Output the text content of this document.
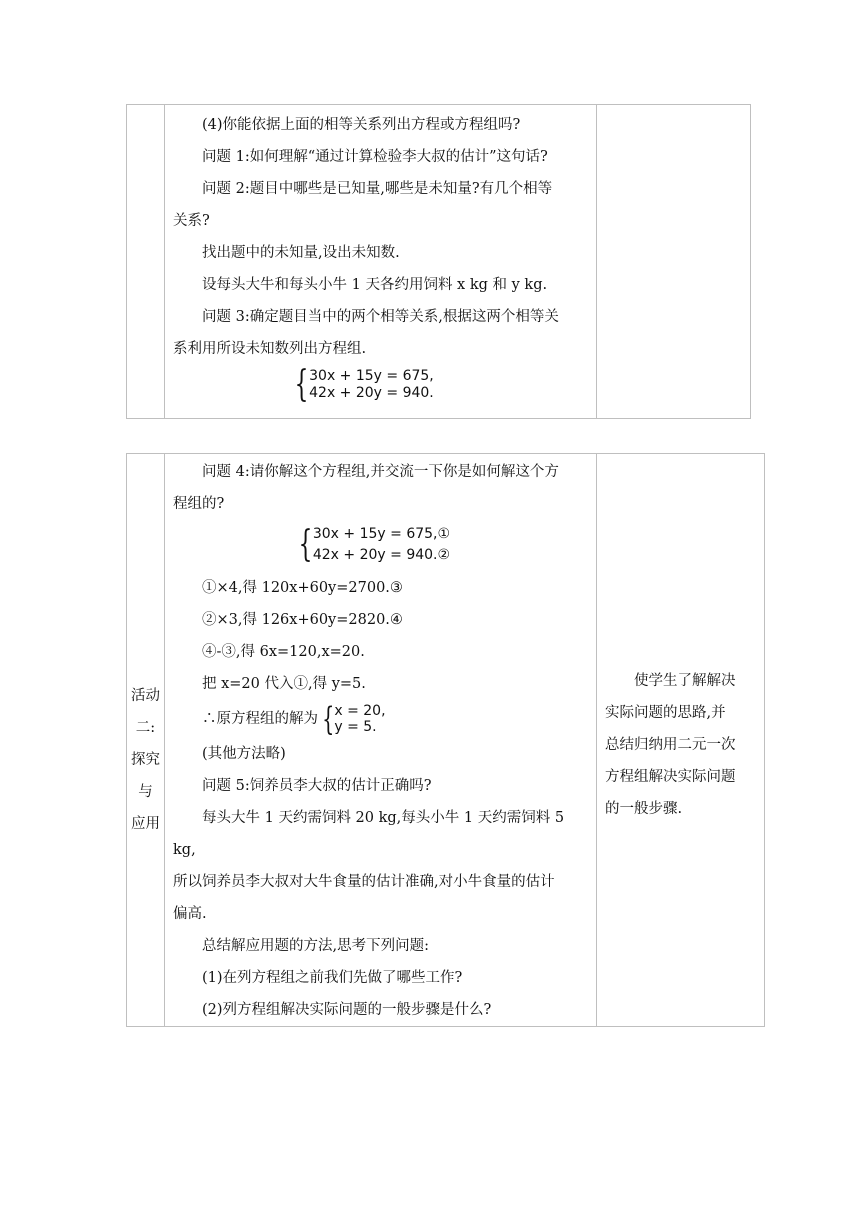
(4)你能依据上面的相等关系列出方程或方程组吗?
问题 1:如何理解“通过计算检验李大叔的估计”这句话?
问题 2:题目中哪些是已知量,哪些是未知量?有几个相等
关系?
找出题中的未知量,设出未知数.
设每头大牛和每头小牛 1 天各约用饲料 x kg 和 y kg.
问题 3:确定题目当中的两个相等关系,根据这两个相等关
系利用所设未知数列出方程组.
{ 30x + 15y = 675,
42x + 20y = 940.

活动
二:
探究
与
应用

问题 4:请你解这个方程组,并交流一下你是如何解这个方
程组的?
{ 30x + 15y = 675,①
42x + 20y = 940.②
①×4,得 120x+60y=2700.③
②×3,得 126x+60y=2820.④
④-③,得 6x=120,x=20.
把 x=20 代入①,得 y=5.
∴原方程组的解为 { x = 20,
y = 5.
(其他方法略)
问题 5:饲养员李大叔的估计正确吗?
每头大牛 1 天约需饲料 20 kg,每头小牛 1 天约需饲料 5 kg,
所以饲养员李大叔对大牛食量的估计准确,对小牛食量的估计
偏高.
总结解应用题的方法,思考下列问题:
(1)在列方程组之前我们先做了哪些工作?
(2)列方程组解决实际问题的一般步骤是什么?

使学生了解解决
实际问题的思路,并
总结归纳用二元一次
方程组解决实际问题
的一般步骤.
